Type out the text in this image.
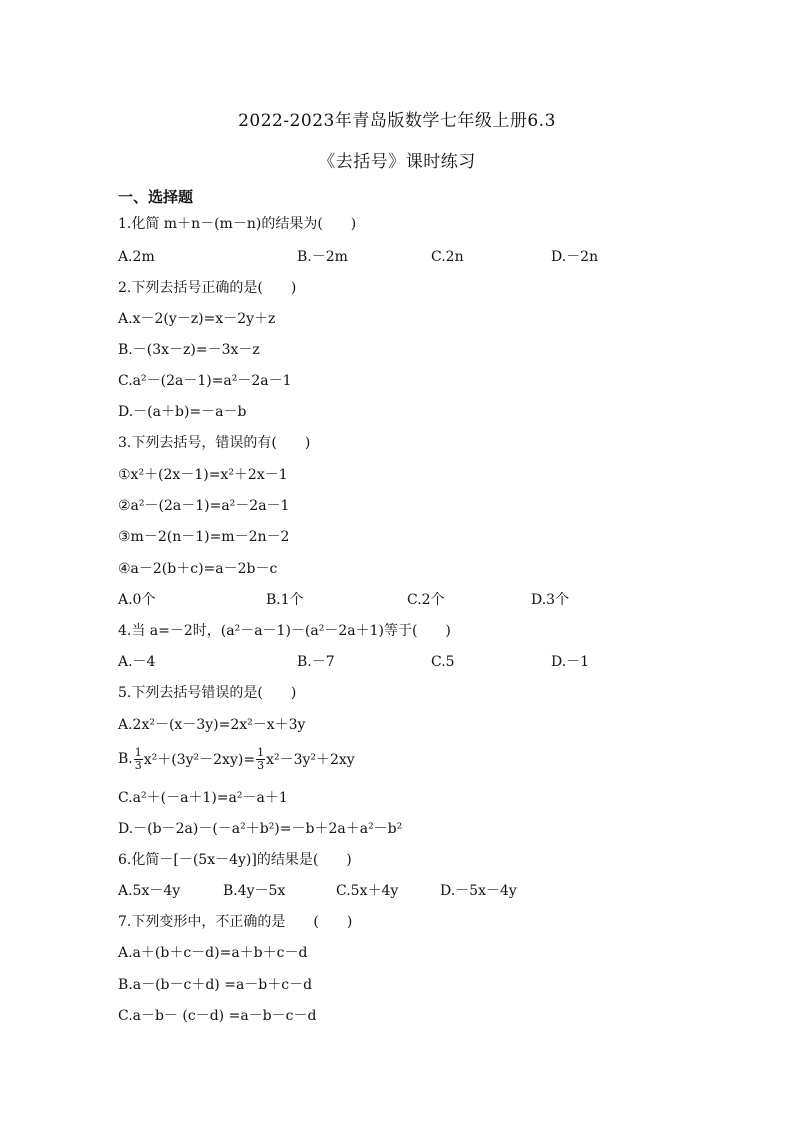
2022-2023年青岛版数学七年级上册6.3
《去括号》课时练习
一、选择题
1.化简 m＋n－(m－n)的结果为(　　)
A.2m	B.－2m	C.2n	D.－2n
2.下列去括号正确的是(　　)
A.x－2(y－z)=x－2y＋z
B.－(3x－z)=－3x－z
C.a²－(2a－1)=a²－2a－1
D.－(a＋b)=－a－b
3.下列去括号，错误的有(　　)
①x²＋(2x－1)=x²＋2x－1
②a²－(2a－1)=a²－2a－1
③m－2(n－1)=m－2n－2
④a－2(b＋c)=a－2b－c
A.0个	B.1个	C.2个	D.3个
4.当 a=－2时，(a²－a－1)－(a²－2a＋1)等于(　　)
A.－4	B.－7	C.5	D.－1
5.下列去括号错误的是(　　)
A.2x²－(x－3y)=2x²－x＋3y
B. $\frac{1}{3} x^2+(3y^2-2xy)= \frac{1}{3} x^2-3y^2+2xy$
C.a²＋(－a＋1)=a²－a＋1
D.－(b－2a)－(－a²＋b²)=－b＋2a＋a²－b²
6.化简－[－(5x－4y)]的结果是(　　)
A.5x－4y	B.4y－5x	C.5x＋4y	D.－5x－4y
7.下列变形中，不正确的是　　(　　)
A.a＋(b＋c－d)=a＋b＋c－d
B.a－(b－c＋d) =a－b＋c－d
C.a－b－ (c－d) =a－b－c－d
